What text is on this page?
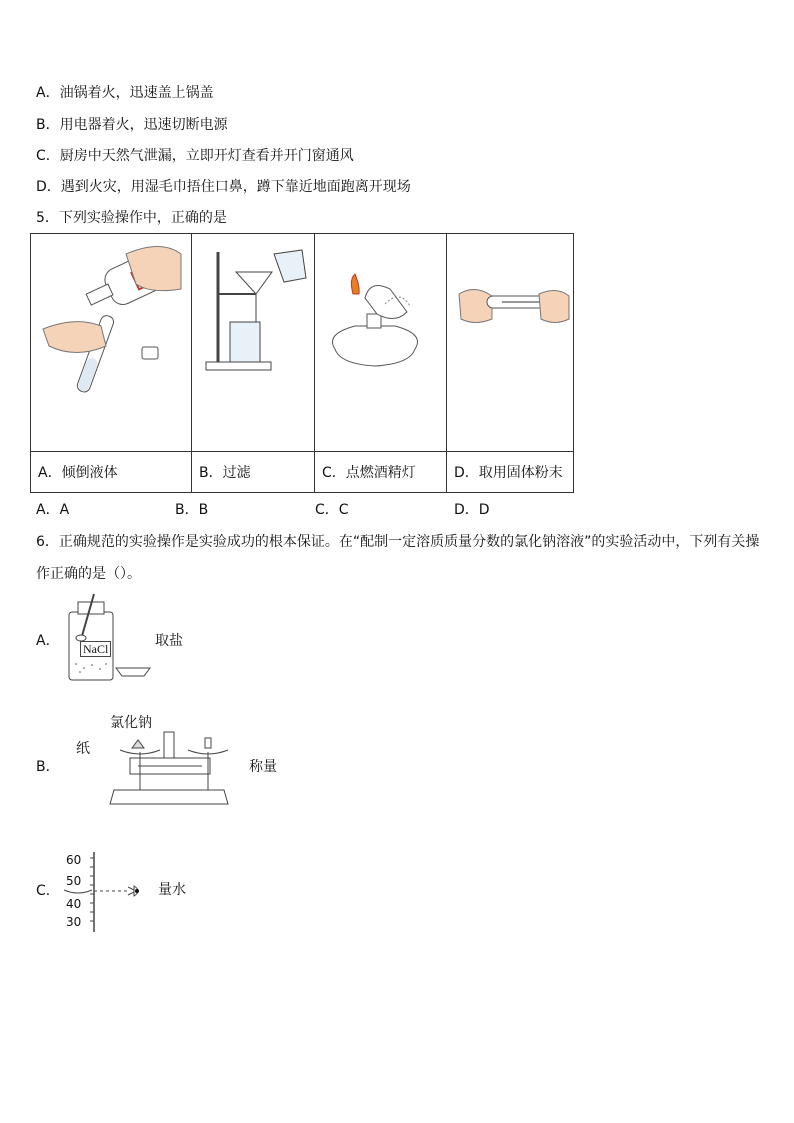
A．油锅着火，迅速盖上锅盖
B．用电器着火，迅速切断电源
C．厨房中天然气泄漏，立即开灯查看并开门窗通风
D．遇到火灾，用湿毛巾捂住口鼻，蹲下靠近地面跑离开现场
5．下列实验操作中，正确的是

A．倾倒液体	B．过滤	C．点燃酒精灯	D．取用固体粉末
A．A	B．B	C．C	D．D
6．正确规范的实验操作是实验成功的根本保证。在“配制一定溶质质量分数的氯化钠溶液”的实验活动中，下列有关操
作正确的是（）。
A． NaCl	取盐
B．
氯化钠
纸
称量
C．
60
50
40
30
量水
